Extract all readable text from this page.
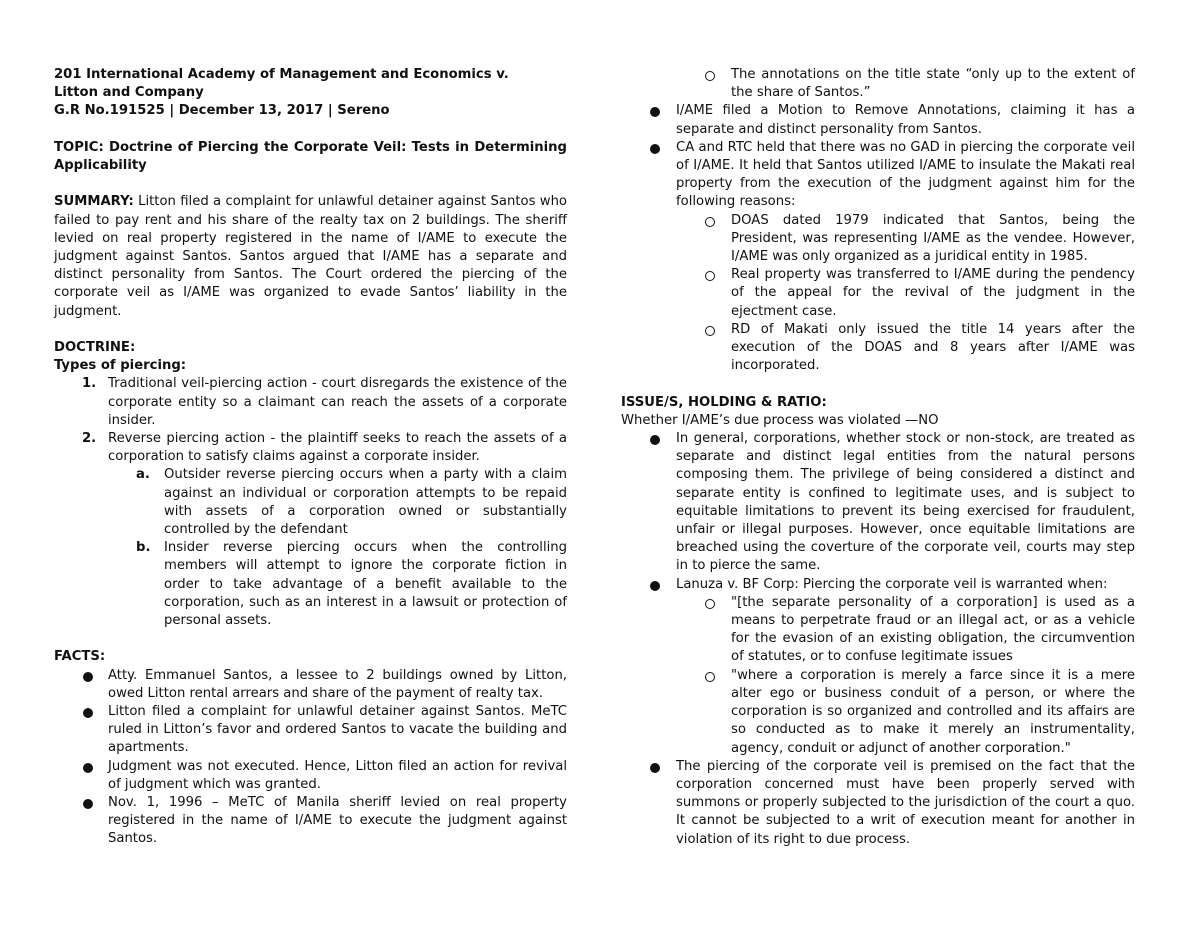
201 International Academy of Management and Economics v.
Litton and Company
G.R No.191525 | December 13, 2017 | Sereno
TOPIC: Doctrine of Piercing the Corporate Veil: Tests in Determining Applicability
SUMMARY: Litton filed a complaint for unlawful detainer against Santos who failed to pay rent and his share of the realty tax on 2 buildings. The sheriff levied on real property registered in the name of I/AME to execute the judgment against Santos. Santos argued that I/AME has a separate and distinct personality from Santos. The Court ordered the piercing of the corporate veil as I/AME was organized to evade Santos’ liability in the judgment.
DOCTRINE:
Types of piercing:
1. Traditional veil-piercing action - court disregards the existence of the corporate entity so a claimant can reach the assets of a corporate insider.
2. Reverse piercing action - the plaintiff seeks to reach the assets of a corporation to satisfy claims against a corporate insider.
a. Outsider reverse piercing occurs when a party with a claim against an individual or corporation attempts to be repaid with assets of a corporation owned or substantially controlled by the defendant
b. Insider reverse piercing occurs when the controlling members will attempt to ignore the corporate fiction in order to take advantage of a benefit available to the corporation, such as an interest in a lawsuit or protection of personal assets.
FACTS:
Atty. Emmanuel Santos, a lessee to 2 buildings owned by Litton, owed Litton rental arrears and share of the payment of realty tax.
Litton filed a complaint for unlawful detainer against Santos. MeTC ruled in Litton’s favor and ordered Santos to vacate the building and apartments.
Judgment was not executed. Hence, Litton filed an action for revival of judgment which was granted.
Nov. 1, 1996 – MeTC of Manila sheriff levied on real property registered in the name of I/AME to execute the judgment against Santos.
The annotations on the title state “only up to the extent of the share of Santos.”
I/AME filed a Motion to Remove Annotations, claiming it has a separate and distinct personality from Santos.
CA and RTC held that there was no GAD in piercing the corporate veil of I/AME. It held that Santos utilized I/AME to insulate the Makati real property from the execution of the judgment against him for the following reasons:
DOAS dated 1979 indicated that Santos, being the President, was representing I/AME as the vendee. However, I/AME was only organized as a juridical entity in 1985.
Real property was transferred to I/AME during the pendency of the appeal for the revival of the judgment in the ejectment case.
RD of Makati only issued the title 14 years after the execution of the DOAS and 8 years after I/AME was incorporated.
ISSUE/S, HOLDING & RATIO:
Whether I/AME’s due process was violated —NO
In general, corporations, whether stock or non-stock, are treated as separate and distinct legal entities from the natural persons composing them. The privilege of being considered a distinct and separate entity is confined to legitimate uses, and is subject to equitable limitations to prevent its being exercised for fraudulent, unfair or illegal purposes. However, once equitable limitations are breached using the coverture of the corporate veil, courts may step in to pierce the same.
Lanuza v. BF Corp: Piercing the corporate veil is warranted when:
"[the separate personality of a corporation] is used as a means to perpetrate fraud or an illegal act, or as a vehicle for the evasion of an existing obligation, the circumvention of statutes, or to confuse legitimate issues
"where a corporation is merely a farce since it is a mere alter ego or business conduit of a person, or where the corporation is so organized and controlled and its affairs are so conducted as to make it merely an instrumentality, agency, conduit or adjunct of another corporation."
The piercing of the corporate veil is premised on the fact that the corporation concerned must have been properly served with summons or properly subjected to the jurisdiction of the court a quo. It cannot be subjected to a writ of execution meant for another in violation of its right to due process.
